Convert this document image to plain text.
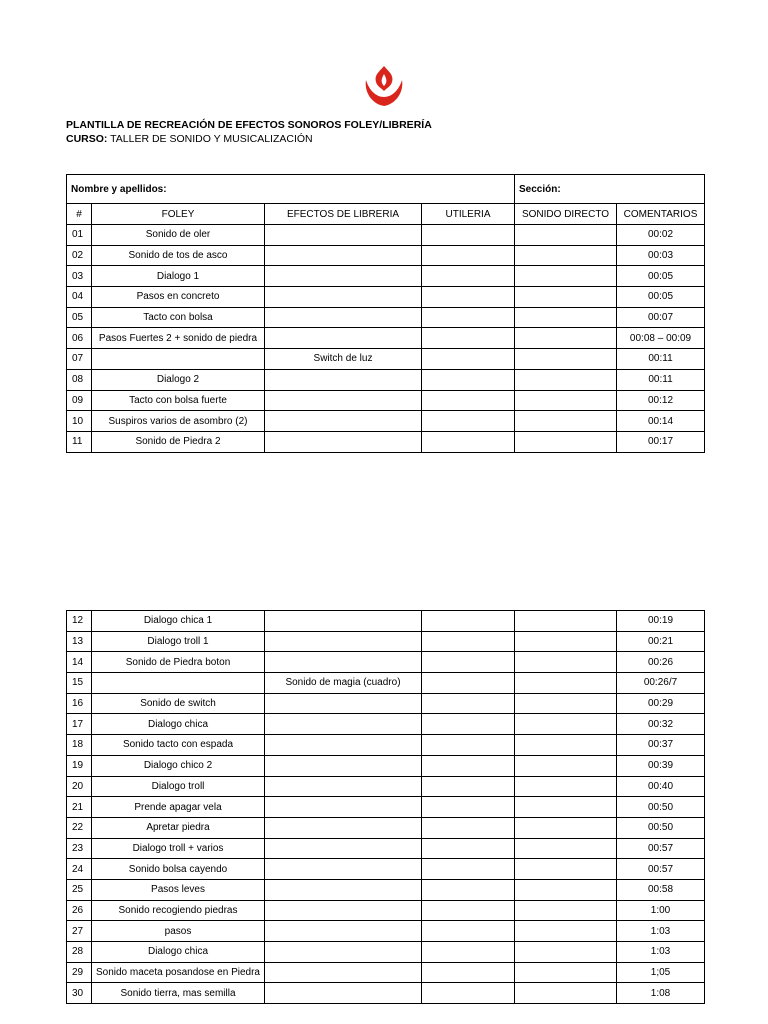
PLANTILLA DE RECREACIÓN DE EFECTOS SONOROS FOLEY/LIBRERÍA
CURSO: TALLER DE SONIDO Y MUSICALIZACIÓN
Nombre y apellidos:				Sección:	
#	FOLEY	EFECTOS DE LIBRERIA	UTILERIA	SONIDO DIRECTO	COMENTARIOS
01	Sonido de oler				00:02
02	Sonido de tos de asco				00:03
03	Dialogo 1				00:05
04	Pasos en concreto				00:05
05	Tacto con bolsa				00:07
06	Pasos Fuertes 2 + sonido de piedra				00:08 – 00:09
07		Switch de luz			00:11
08	Dialogo 2				00:11
09	Tacto con bolsa fuerte				00:12
10	Suspiros varios de asombro (2)				00:14
11	Sonido de Piedra 2				00:17
12	Dialogo chica 1				00:19
13	Dialogo troll 1				00:21
14	Sonido de Piedra boton				00:26
15		Sonido de magia (cuadro)			00:26/7
16	Sonido de switch				00:29
17	Dialogo chica				00:32
18	Sonido tacto con espada				00:37
19	Dialogo chico 2				00:39
20	Dialogo troll				00:40
21	Prende apagar vela				00:50
22	Apretar piedra				00:50
23	Dialogo troll + varios				00:57
24	Sonido bolsa cayendo				00:57
25	Pasos leves				00:58
26	Sonido recogiendo piedras				1:00
27	pasos				1:03
28	Dialogo chica				1:03
29	Sonido maceta posandose en Piedra				1;05
30	Sonido tierra, mas semilla				1:08
